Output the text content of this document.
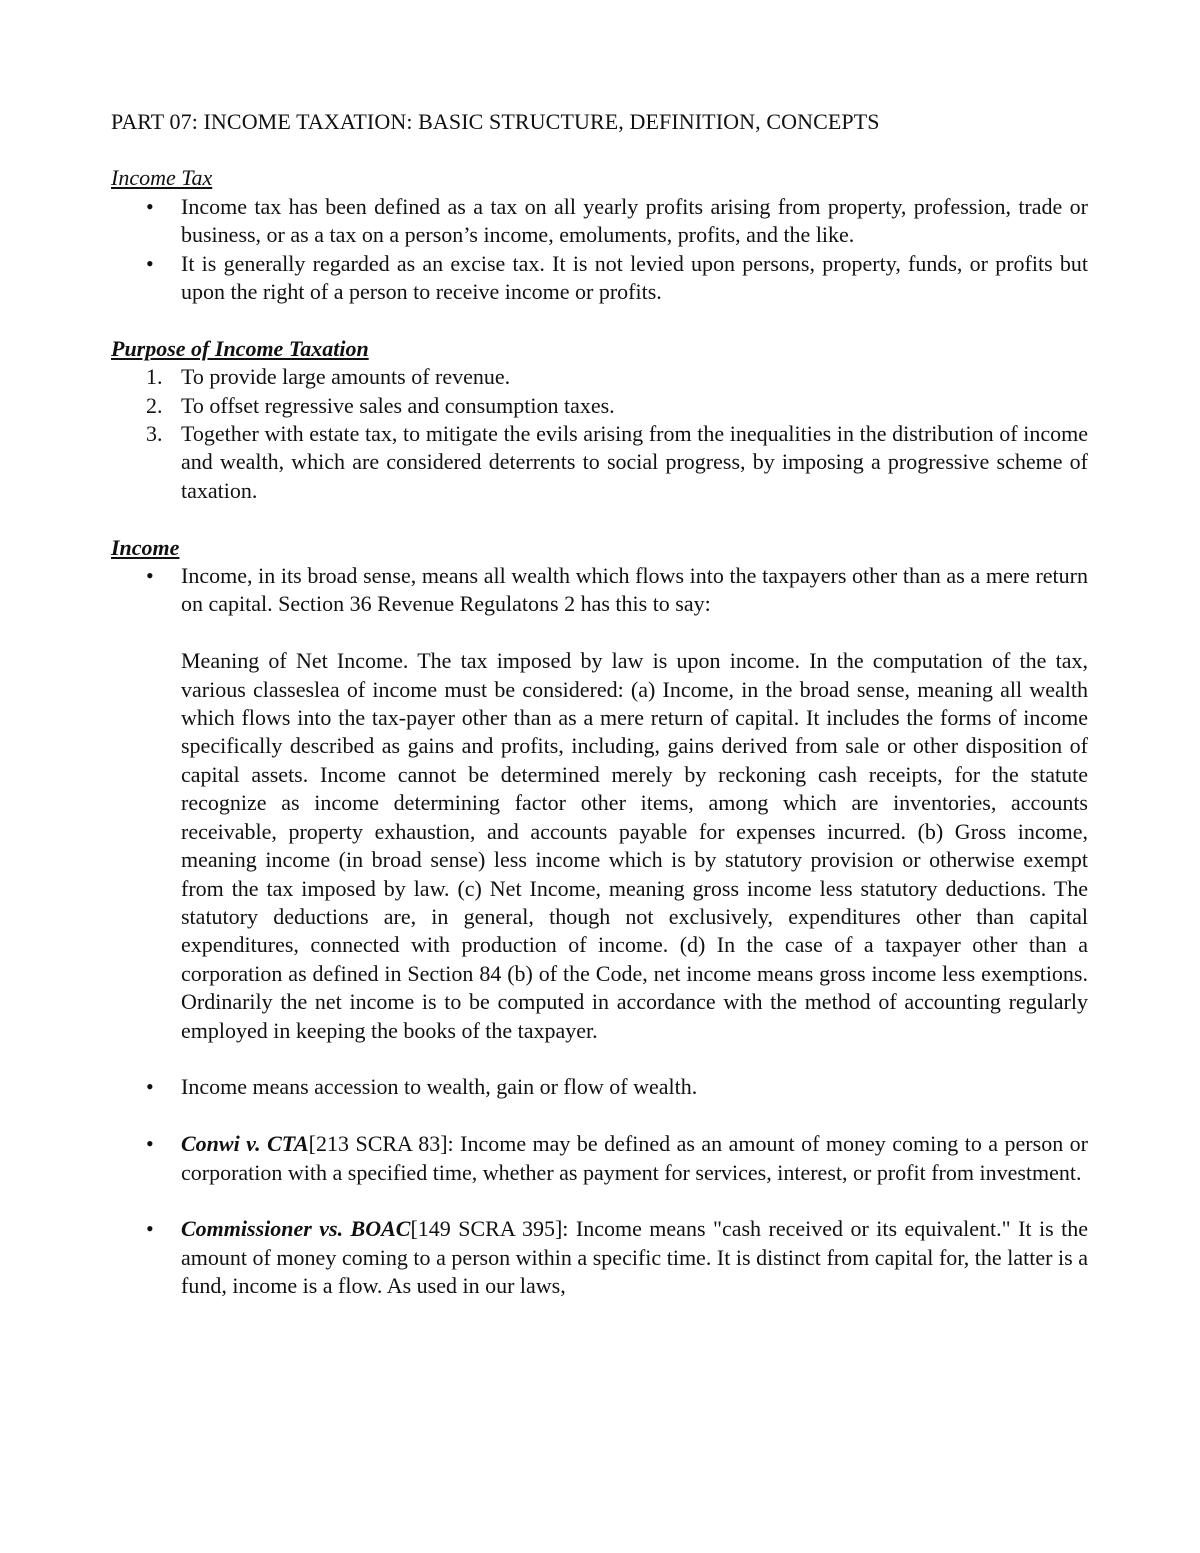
PART 07: INCOME TAXATION: BASIC STRUCTURE, DEFINITION, CONCEPTS

Income Tax

• Income tax has been defined as a tax on all yearly profits arising from property, profession, trade or business, or as a tax on a person’s income, emoluments, profits, and the like.
• It is generally regarded as an excise tax. It is not levied upon persons, property, funds, or profits but upon the right of a person to receive income or profits.

Purpose of Income Taxation

1. To provide large amounts of revenue.
2. To offset regressive sales and consumption taxes.
3. Together with estate tax, to mitigate the evils arising from the inequalities in the distribution of income and wealth, which are considered deterrents to social progress, by imposing a progressive scheme of taxation.

Income

• Income, in its broad sense, means all wealth which flows into the taxpayers other than as a mere return on capital. Section 36 Revenue Regulatons 2 has this to say:

Meaning of Net Income. The tax imposed by law is upon income. In the computation of the tax, various classeslea of income must be considered: (a) Income, in the broad sense, meaning all wealth which flows into the tax-payer other than as a mere return of capital. It includes the forms of income specifically described as gains and profits, including, gains derived from sale or other disposition of capital assets. Income cannot be determined merely by reckoning cash receipts, for the statute recognize as income determining factor other items, among which are inventories, accounts receivable, property exhaustion, and accounts payable for expenses incurred. (b) Gross income, meaning income (in broad sense) less income which is by statutory provision or otherwise exempt from the tax imposed by law. (c) Net Income, meaning gross income less statutory deductions. The statutory deductions are, in general, though not exclusively, expenditures other than capital expenditures, connected with production of income. (d) In the case of a taxpayer other than a corporation as defined in Section 84 (b) of the Code, net income means gross income less exemptions. Ordinarily the net income is to be computed in accordance with the method of accounting regularly employed in keeping the books of the taxpayer.

• Income means accession to wealth, gain or flow of wealth.
• Conwi v. CTA[213 SCRA 83]: Income may be defined as an amount of money coming to a person or corporation with a specified time, whether as payment for services, interest, or profit from investment.
• Commissioner vs. BOAC[149 SCRA 395]: Income means "cash received or its equivalent." It is the amount of money coming to a person within a specific time. It is distinct from capital for, the latter is a fund, income is a flow. As used in our laws,
